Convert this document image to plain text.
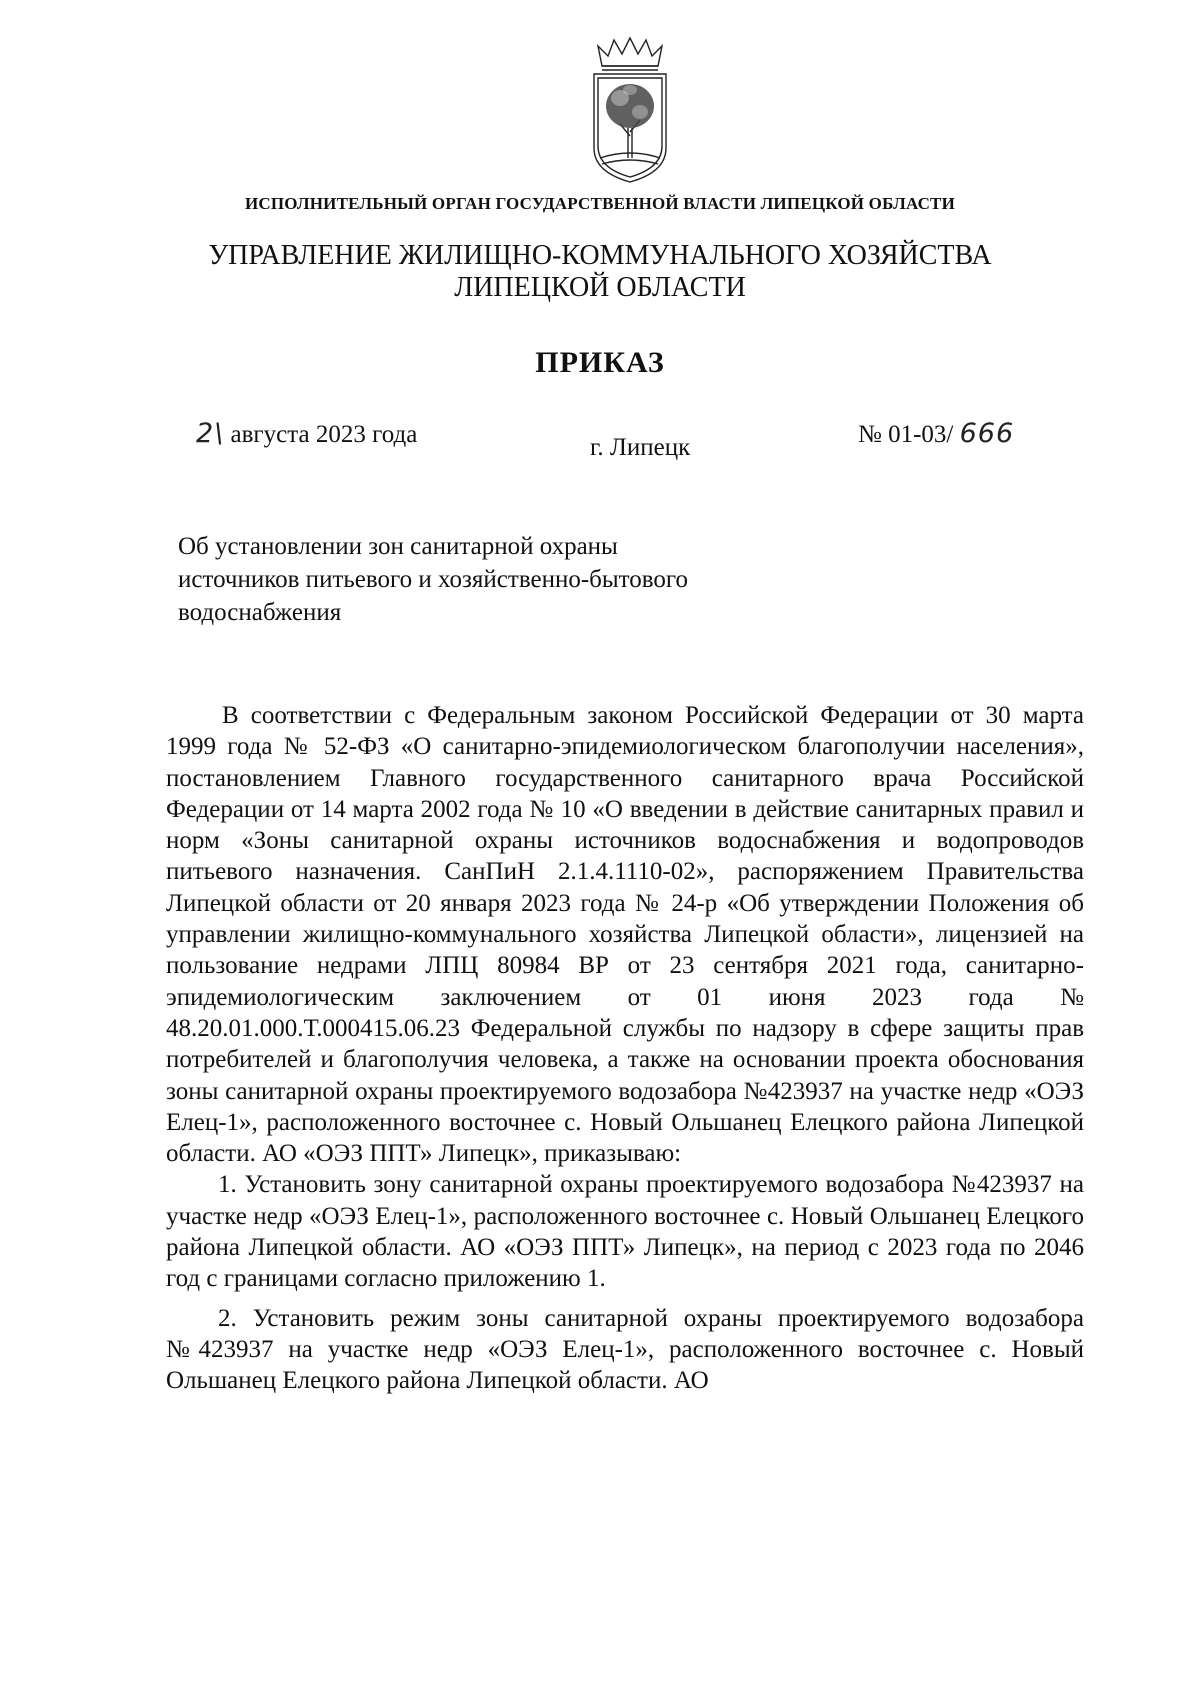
ИСПОЛНИТЕЛЬНЫЙ ОРГАН ГОСУДАРСТВЕННОЙ ВЛАСТИ ЛИПЕЦКОЙ ОБЛАСТИ
УПРАВЛЕНИЕ ЖИЛИЩНО-КОММУНАЛЬНОГО ХОЗЯЙСТВА
ЛИПЕЦКОЙ ОБЛАСТИ
ПРИКАЗ
2\ августа 2023 года	г. Липецк	№ 01-03/ 666
Об установлении зон санитарной охраны
источников питьевого и хозяйственно-бытового
водоснабжения

В соответствии с Федеральным законом Российской Федерации от 30 марта 1999 года № 52-ФЗ «О санитарно-эпидемиологическом благополучии населения», постановлением Главного государственного санитарного врача Российской Федерации от 14 марта 2002 года № 10 «О введении в действие санитарных правил и норм «Зоны санитарной охраны источников водоснабжения и водопроводов питьевого назначения. СанПиН 2.1.4.1110-02», распоряжением Правительства Липецкой области от 20 января 2023 года № 24-р «Об утверждении Положения об управлении жилищно-коммунального хозяйства Липецкой области», лицензией на пользование недрами ЛПЦ 80984 ВР от 23 сентября 2021 года, санитарно-эпидемиологическим заключением от 01 июня 2023 года № 48.20.01.000.Т.000415.06.23 Федеральной службы по надзору в сфере защиты прав потребителей и благополучия человека, а также на основании проекта обоснования зоны санитарной охраны проектируемого водозабора №423937 на участке недр «ОЭЗ Елец-1», расположенного восточнее с. Новый Ольшанец Елецкого района Липецкой области. АО «ОЭЗ ППТ» Липецк», приказываю:

1. Установить зону санитарной охраны проектируемого водозабора №423937 на участке недр «ОЭЗ Елец-1», расположенного восточнее с. Новый Ольшанец Елецкого района Липецкой области. АО «ОЭЗ ППТ» Липецк», на период с 2023 года по 2046 год с границами согласно приложению 1.

2. Установить режим зоны санитарной охраны проектируемого водозабора №423937 на участке недр «ОЭЗ Елец-1», расположенного восточнее с. Новый Ольшанец Елецкого района Липецкой области. АО
